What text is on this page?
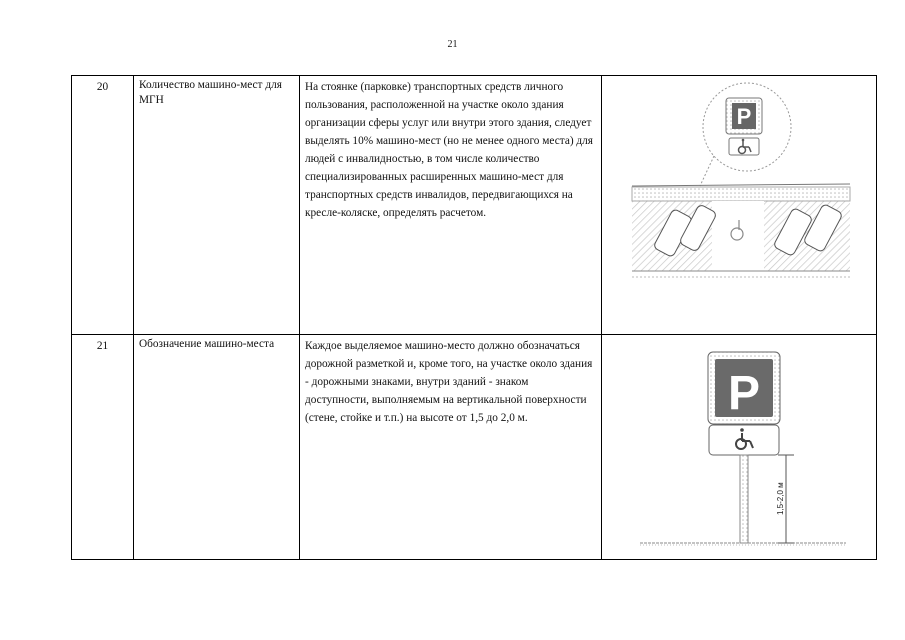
21
20	Количество машино-мест для МГН	На стоянке (парковке) транспортных средств личного пользования, расположенной на участке около здания организации сферы услуг или внутри этого здания, следует выделять 10% машино-мест (но не менее одного места) для людей с инвалидностью, в том числе количество специализированных расширенных машино-мест для транспортных средств инвалидов, передвигающихся на кресле-коляске, определять расчетом.	P

21	Обозначение машино-места	Каждое выделяемое машино-место должно обозначаться дорожной разметкой и, кроме того, на участке около здания - дорожными знаками, внутри зданий - знаком доступности, выполняемым на вертикальной поверхности (стене, стойке и т.п.) на высоте от 1,5 до 2,0 м.	P
1,5-2,0 м
